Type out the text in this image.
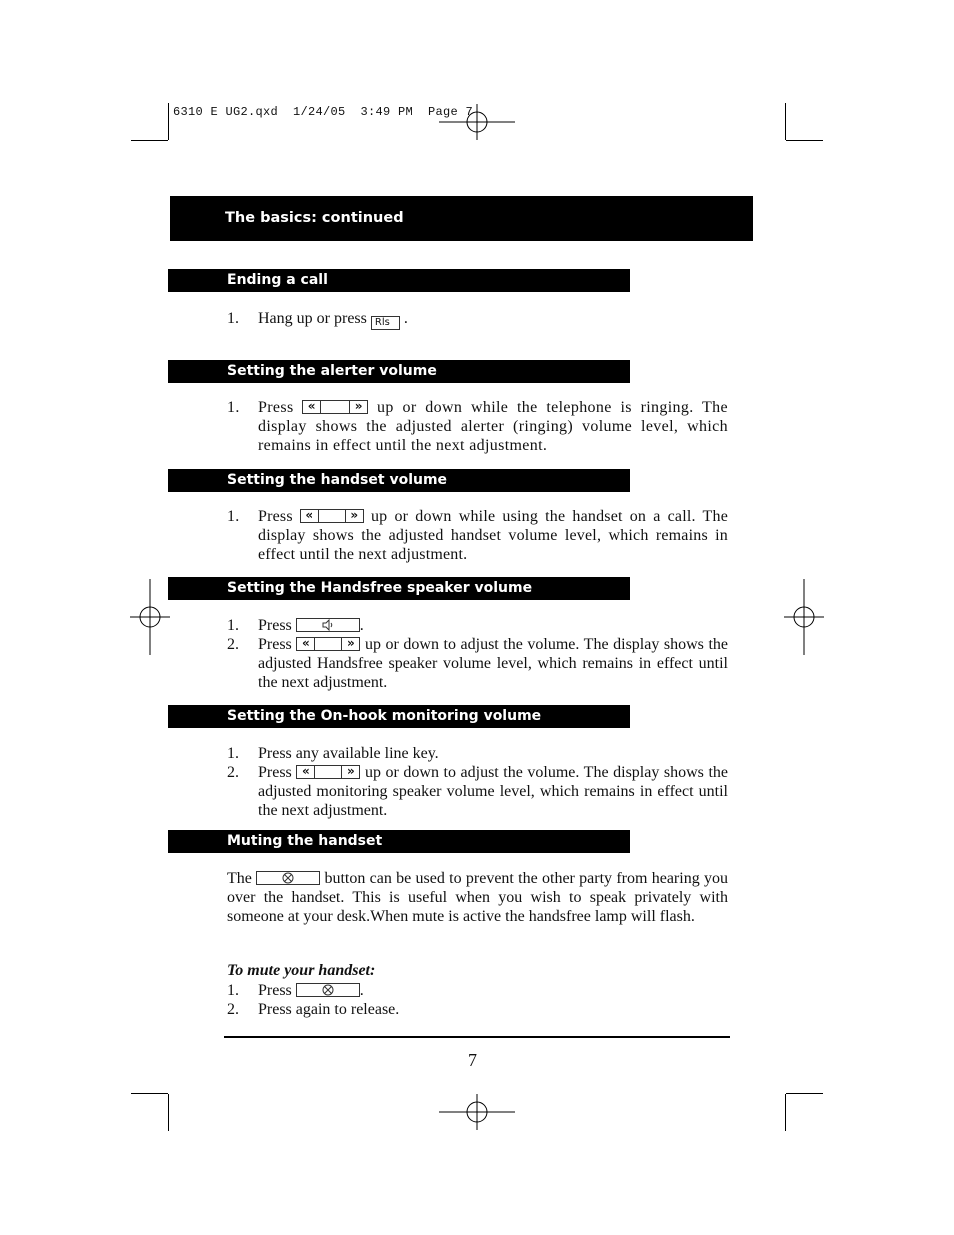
6310 E UG2.qxd  1/24/05  3:49 PM  Page 7
The basics: continued
Ending a call
1. Hang up or press Rls .
Setting the alerter volume
1. Press	«	» up or down while the telephone is ringing. The display shows the adjusted alerter (ringing) volume level, which remains in effect until the next adjustment.
Setting the handset volume
1. Press	«	» up or down while using the handset on a call. The display shows the adjusted handset volume level, which remains in effect until the next adjustment.
Setting the Handsfree speaker volume
1. Press	.
2. Press «	» up or down to adjust the volume. The display shows the adjusted Handsfree speaker volume level, which remains in effect until the next adjustment.
Setting the On-hook monitoring volume
1. Press any available line key.
2. Press «	» up or down to adjust the volume. The display shows the adjusted monitoring speaker volume level, which remains in effect until the next adjustment.
Muting the handset
The	button can be used to prevent the other party from hearing you over the handset. This is useful when you wish to speak privately with someone at your desk.When mute is active the handsfree lamp will flash.
To mute your handset:
1. Press	.
2. Press again to release.
7
